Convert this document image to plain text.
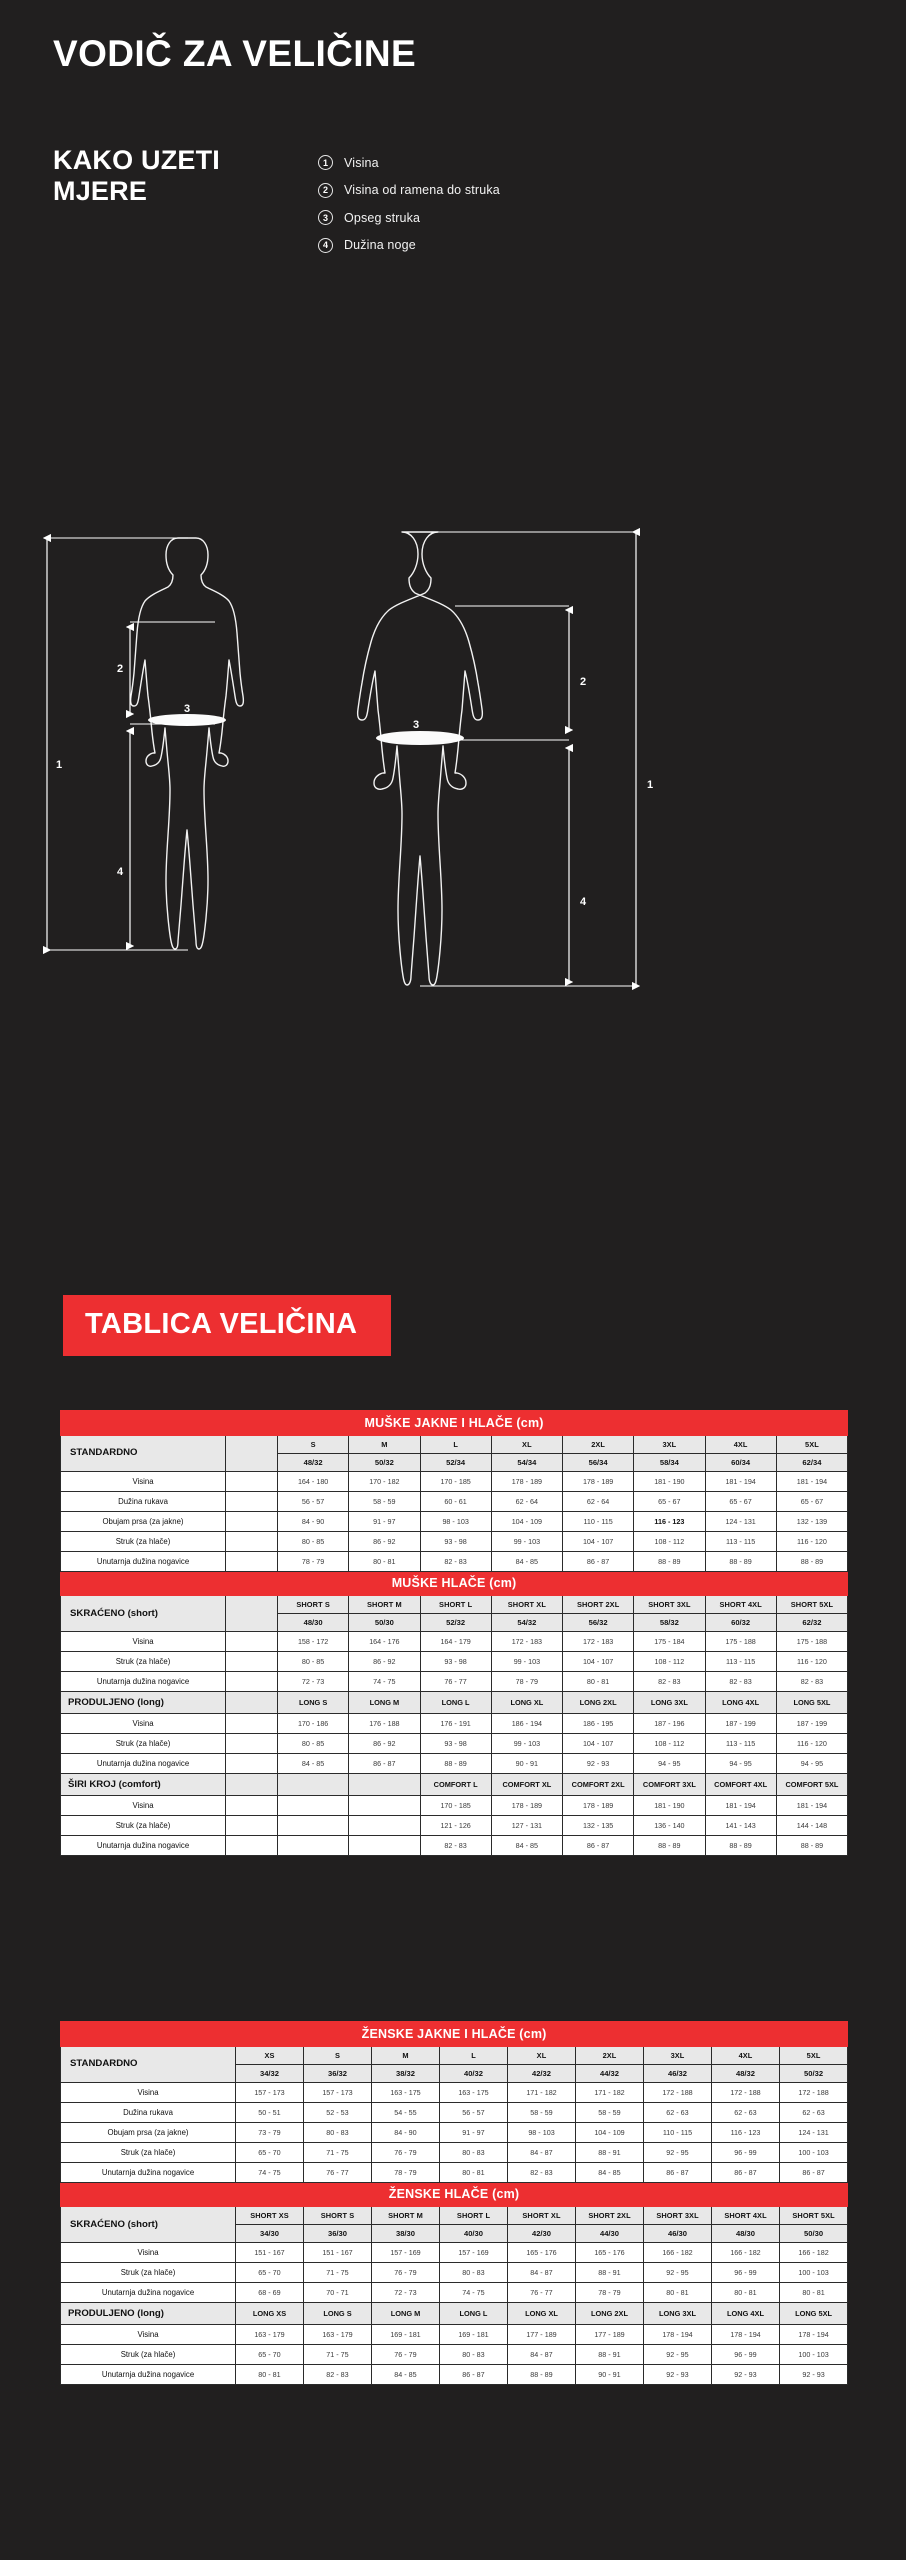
VODIČ ZA VELIČINE
KAKO UZETI MJERE
1	Visina
2	Visina od ramena do struka
3	Opseg struka
4	Dužina noge
1
2
3
4
1
2
3
4
TABLICA VELIČINA
MUŠKE JAKNE I HLAČE (cm)									
STANDARDNO		S	M	L	XL	2XL	3XL	4XL	5XL
		48/32	50/32	52/34	54/34	56/34	58/34	60/34	62/34
Visina		164 - 180	170 - 182	170 - 185	178 - 189	178 - 189	181 - 190	181 - 194	181 - 194
Dužina rukava		56 - 57	58 - 59	60 - 61	62 - 64	62 - 64	65 - 67	65 - 67	65 - 67
Obujam prsa (za jakne)		84 - 90	91 - 97	98 - 103	104 - 109	110 - 115	116 - 123	124 - 131	132 - 139
Struk (za hlače)		80 - 85	86 - 92	93 - 98	99 - 103	104 - 107	108 - 112	113 - 115	116 - 120
Unutarnja dužina nogavice		78 - 79	80 - 81	82 - 83	84 - 85	86 - 87	88 - 89	88 - 89	88 - 89
MUŠKE HLAČE (cm)									
SKRAĆENO (short)		SHORT S	SHORT M	SHORT L	SHORT XL	SHORT 2XL	SHORT 3XL	SHORT 4XL	SHORT 5XL
		48/30	50/30	52/32	54/32	56/32	58/32	60/32	62/32
Visina		158 - 172	164 - 176	164 - 179	172 - 183	172 - 183	175 - 184	175 - 188	175 - 188
Struk (za hlače)		80 - 85	86 - 92	93 - 98	99 - 103	104 - 107	108 - 112	113 - 115	116 - 120
Unutarnja dužina nogavice		72 - 73	74 - 75	76 - 77	78 - 79	80 - 81	82 - 83	82 - 83	82 - 83
PRODULJENO (long)		LONG S	LONG M	LONG L	LONG XL	LONG 2XL	LONG 3XL	LONG 4XL	LONG 5XL
Visina		170 - 186	176 - 188	176 - 191	186 - 194	186 - 195	187 - 196	187 - 199	187 - 199
Struk (za hlače)		80 - 85	86 - 92	93 - 98	99 - 103	104 - 107	108 - 112	113 - 115	116 - 120
Unutarnja dužina nogavice		84 - 85	86 - 87	88 - 89	90 - 91	92 - 93	94 - 95	94 - 95	94 - 95
ŠIRI KROJ (comfort)				COMFORT L	COMFORT XL	COMFORT 2XL	COMFORT 3XL	COMFORT 4XL	COMFORT 5XL
Visina				170 - 185	178 - 189	178 - 189	181 - 190	181 - 194	181 - 194
Struk (za hlače)				121 - 126	127 - 131	132 - 135	136 - 140	141 - 143	144 - 148
Unutarnja dužina nogavice				82 - 83	84 - 85	86 - 87	88 - 89	88 - 89	88 - 89
ŽENSKE JAKNE I HLAČE (cm)									
STANDARDNO	XS	S	M	L	XL	2XL	3XL	4XL	5XL
	34/32	36/32	38/32	40/32	42/32	44/32	46/32	48/32	50/32
Visina	157 - 173	157 - 173	163 - 175	163 - 175	171 - 182	171 - 182	172 - 188	172 - 188	172 - 188
Dužina rukava	50 - 51	52 - 53	54 - 55	56 - 57	58 - 59	58 - 59	62 - 63	62 - 63	62 - 63
Obujam prsa (za jakne)	73 - 79	80 - 83	84 - 90	91 - 97	98 - 103	104 - 109	110 - 115	116 - 123	124 - 131
Struk (za hlače)	65 - 70	71 - 75	76 - 79	80 - 83	84 - 87	88 - 91	92 - 95	96 - 99	100 - 103
Unutarnja dužina nogavice	74 - 75	76 - 77	78 - 79	80 - 81	82 - 83	84 - 85	86 - 87	86 - 87	86 - 87
ŽENSKE HLAČE (cm)									
SKRAĆENO (short)	SHORT XS	SHORT S	SHORT M	SHORT L	SHORT XL	SHORT 2XL	SHORT 3XL	SHORT 4XL	SHORT 5XL
	34/30	36/30	38/30	40/30	42/30	44/30	46/30	48/30	50/30
Visina	151 - 167	151 - 167	157 - 169	157 - 169	165 - 176	165 - 176	166 - 182	166 - 182	166 - 182
Struk (za hlače)	65 - 70	71 - 75	76 - 79	80 - 83	84 - 87	88 - 91	92 - 95	96 - 99	100 - 103
Unutarnja dužina nogavice	68 - 69	70 - 71	72 - 73	74 - 75	76 - 77	78 - 79	80 - 81	80 - 81	80 - 81
PRODULJENO (long)	LONG XS	LONG S	LONG M	LONG L	LONG XL	LONG 2XL	LONG 3XL	LONG 4XL	LONG 5XL
Visina	163 - 179	163 - 179	169 - 181	169 - 181	177 - 189	177 - 189	178 - 194	178 - 194	178 - 194
Struk (za hlače)	65 - 70	71 - 75	76 - 79	80 - 83	84 - 87	88 - 91	92 - 95	96 - 99	100 - 103
Unutarnja dužina nogavice	80 - 81	82 - 83	84 - 85	86 - 87	88 - 89	90 - 91	92 - 93	92 - 93	92 - 93
